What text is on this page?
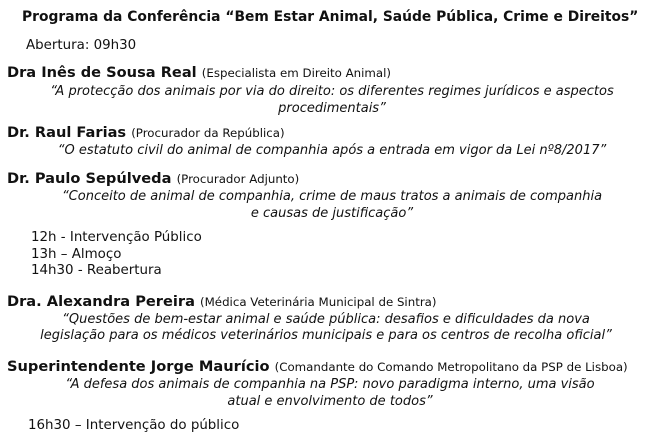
Programa da Conferência “Bem Estar Animal, Saúde Pública, Crime e Direitos”
Abertura: 09h30
Dra Inês de Sousa Real (Especialista em Direito Animal)
“A protecção dos animais por via do direito: os diferentes regimes jurídicos e aspectos
procedimentais”
Dr. Raul Farias (Procurador da República)
“O estatuto civil do animal de companhia após a entrada em vigor da Lei nº8/2017”
Dr. Paulo Sepúlveda (Procurador Adjunto)
“Conceito de animal de companhia, crime de maus tratos a animais de companhia
e causas de justificação”
12h - Intervenção Público
13h – Almoço
14h30 - Reabertura
Dra. Alexandra Pereira (Médica Veterinária Municipal de Sintra)
“Questões de bem-estar animal e saúde pública: desafios e dificuldades da nova
legislação para os médicos veterinários municipais e para os centros de recolha oficial”
Superintendente Jorge Maurício (Comandante do Comando Metropolitano da PSP de Lisboa)
“A defesa dos animais de companhia na PSP: novo paradigma interno, uma visão
atual e envolvimento de todos”
16h30 – Intervenção do público
